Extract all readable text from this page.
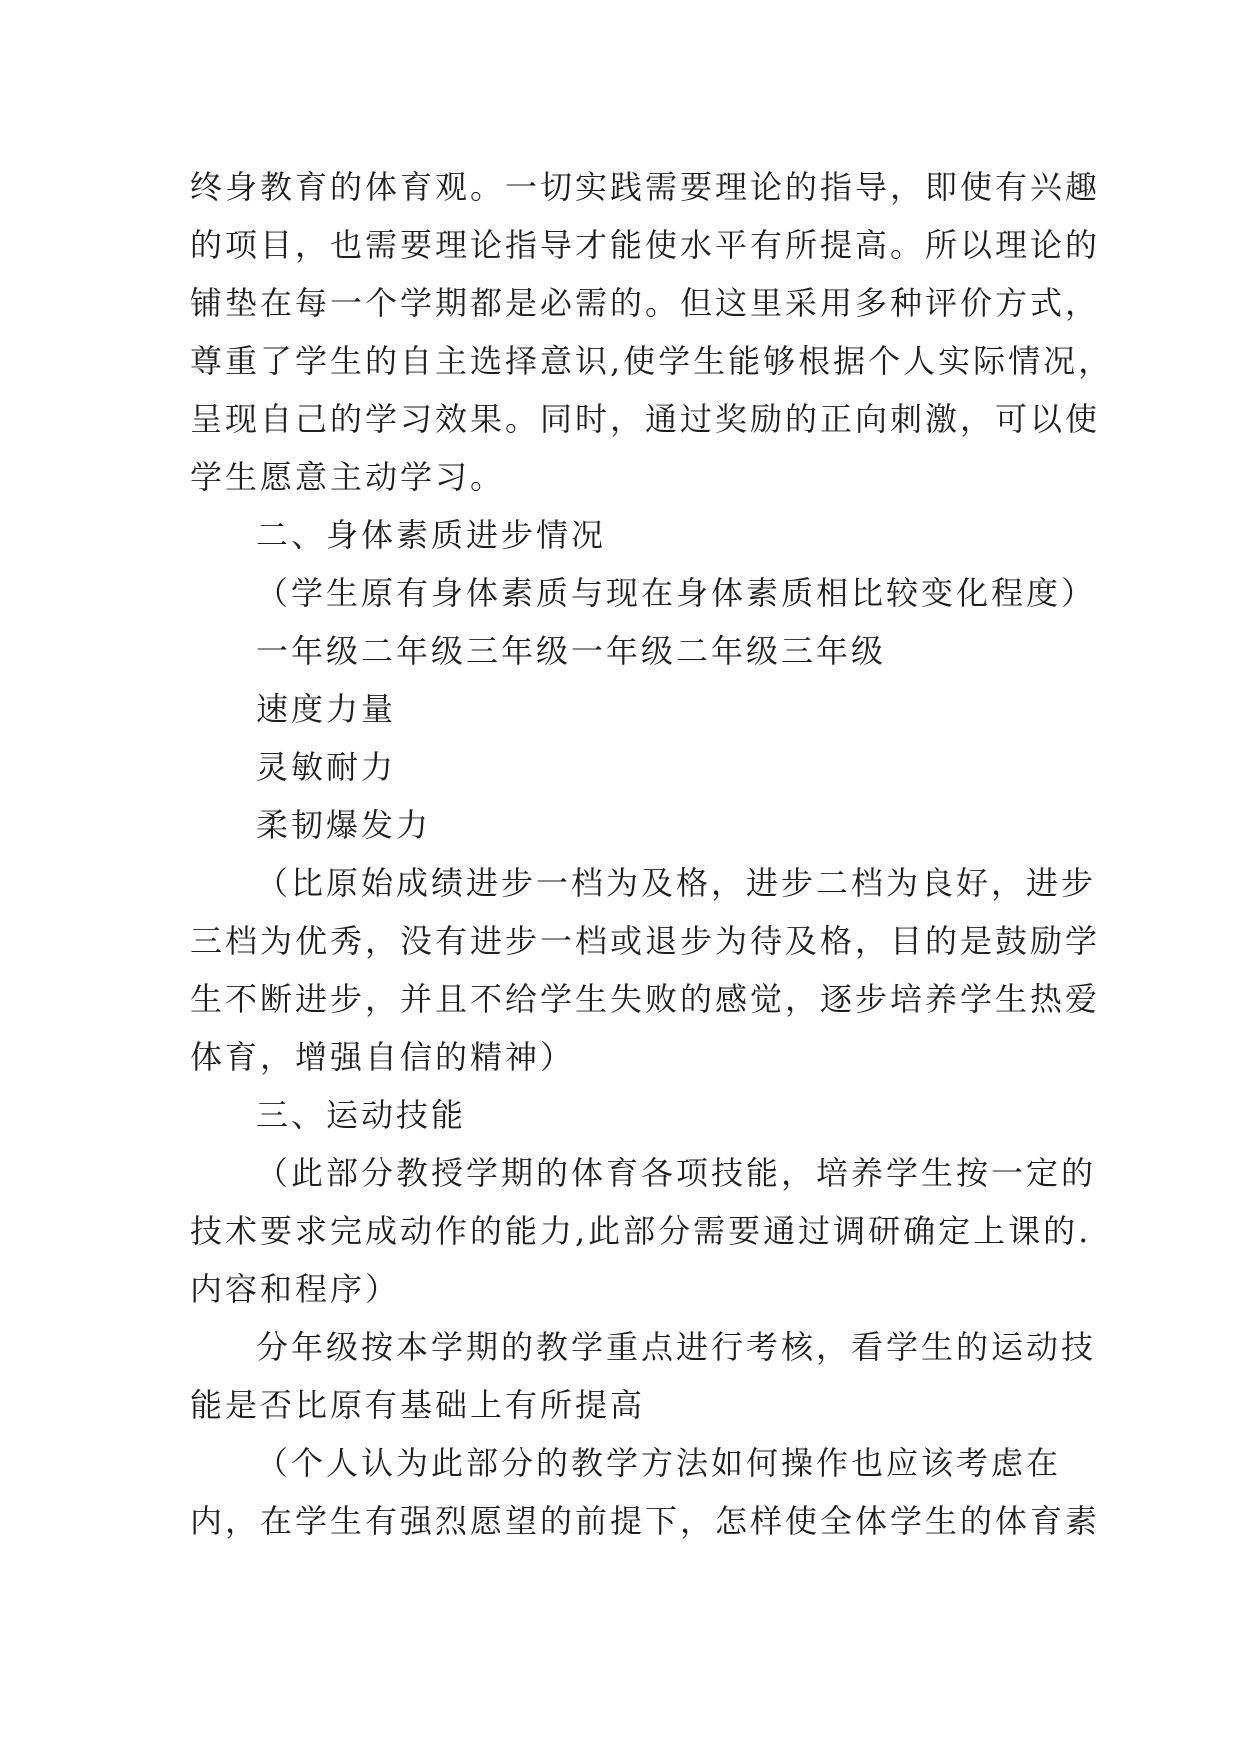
终身教育的体育观。一切实践需要理论的指导，即使有兴趣
的项目，也需要理论指导才能使水平有所提高。所以理论的
铺垫在每一个学期都是必需的。但这里采用多种评价方式，
尊重了学生的自主选择意识,使学生能够根据个人实际情况，
呈现自己的学习效果。同时，通过奖励的正向刺激，可以使
学生愿意主动学习。
二、身体素质进步情况
（学生原有身体素质与现在身体素质相比较变化程度）
一年级二年级三年级一年级二年级三年级
速度力量
灵敏耐力
柔韧爆发力
（比原始成绩进步一档为及格，进步二档为良好，进步
三档为优秀，没有进步一档或退步为待及格，目的是鼓励学
生不断进步，并且不给学生失败的感觉，逐步培养学生热爱
体育，增强自信的精神）
三、运动技能
（此部分教授学期的体育各项技能，培养学生按一定的
技术要求完成动作的能力,此部分需要通过调研确定上课的.
内容和程序）
分年级按本学期的教学重点进行考核，看学生的运动技
能是否比原有基础上有所提高
（个人认为此部分的教学方法如何操作也应该考虑在
内，在学生有强烈愿望的前提下，怎样使全体学生的体育素
